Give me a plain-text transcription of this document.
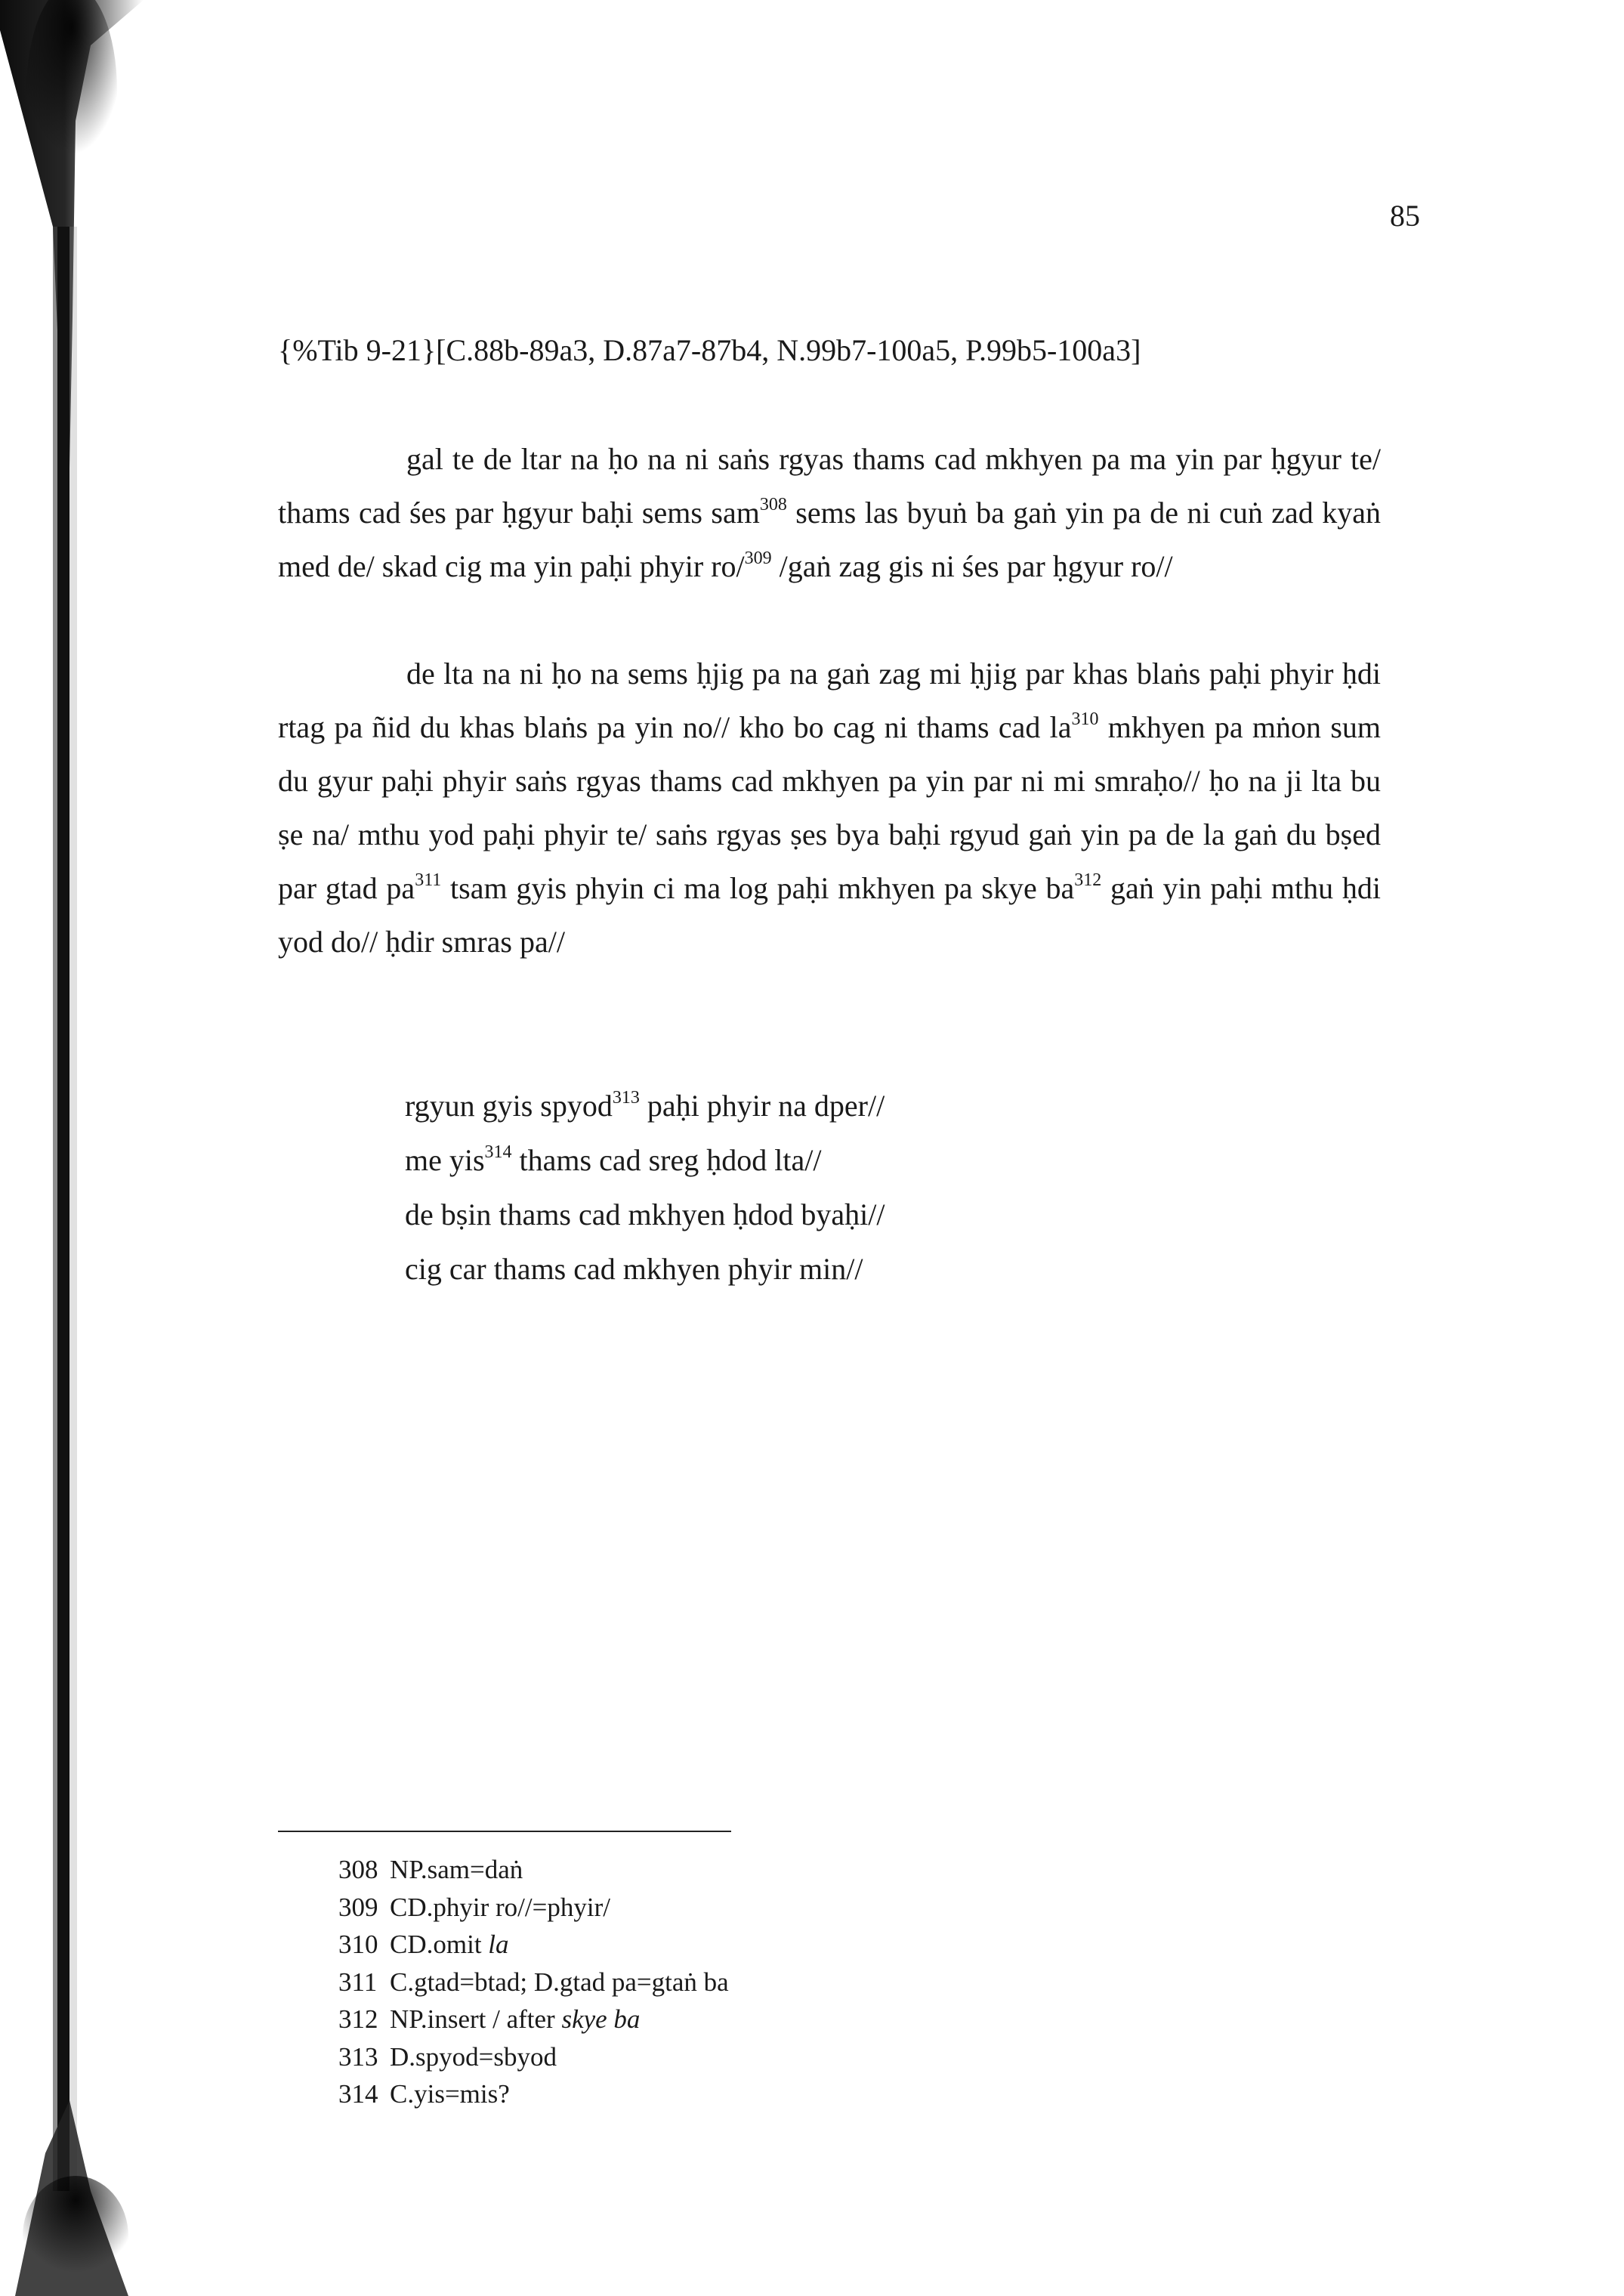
85
{%Tib 9-21}[C.88b-89a3, D.87a7-87b4, N.99b7-100a5, P.99b5-100a3]

gal te de ltar na ḥo na ni saṅs rgyas thams cad mkhyen pa ma yin par ḥgyur te/ thams cad śes par ḥgyur baḥi sems sam$^{308}$ sems las byuṅ ba gaṅ yin pa de ni cuṅ zad kyaṅ med de/ skad cig ma yin paḥi phyir ro/$^{309}$ /gaṅ zag gis ni śes par ḥgyur ro//

de lta na ni ḥo na sems ḥjig pa na gaṅ zag mi ḥjig par khas blaṅs paḥi phyir ḥdi rtag pa ñid du khas blaṅs pa yin no// kho bo cag ni thams cad $la^{310}$ mkhyen pa mṅon sum du gyur paḥi phyir saṅs rgyas thams cad mkhyen pa yin par ni mi smraḥo// ḥo na ji lta bu ṣe na/ mthu yod paḥi phyir te/ saṅs rgyas ṣes bya baḥi rgyud gaṅ yin pa de la gaṅ du bṣed par gtad $pa^{311}$ tsam gyis phyin ci ma log paḥi mkhyen pa skye $ba^{312}$ gaṅ yin paḥi mthu ḥdi yod do// ḥdir smras pa//

rgyun gyis spyod$^{313}$ paḥi phyir na dper//
me yis$^{314}$ thams cad sreg ḥdod lta//
de bṣin thams cad mkhyen ḥdod byaḥi//
cig car thams cad mkhyen phyir min//
308 NP.sam=daṅ
309 CD.phyir ro//=phyir/
310 CD.omit la
311 C.gtad=btad; D.gtad pa=gtaṅ ba
312 NP.insert / after skye ba
313 D.spyod=sbyod
314 C.yis=mis?
